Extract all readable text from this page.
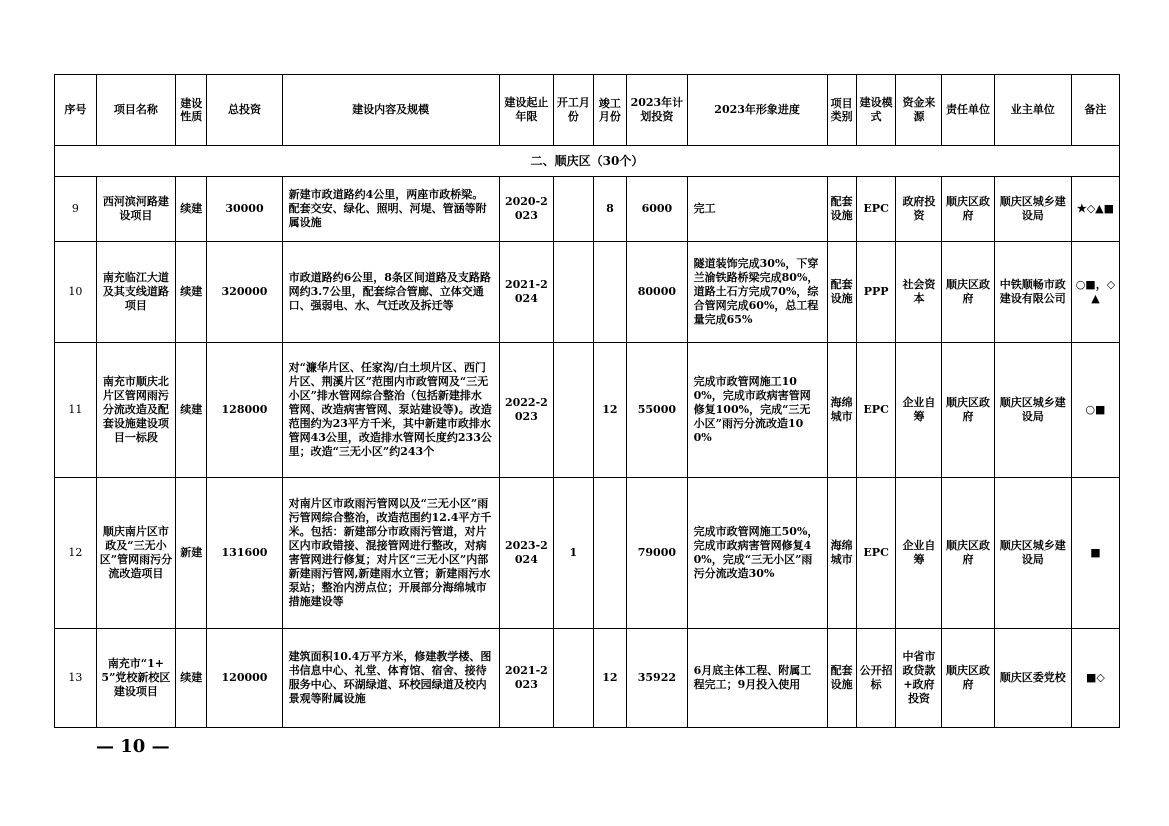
序号	项目名称	建设性质	总投资	建设内容及规模	建设起止年限	开工月份	竣工月份	2023年计划投资	2023年形象进度	项目类别	建设模式	资金来源	责任单位	业主单位	备注
二、顺庆区（30个）															
9	西河滨河路建设项目	续建	30000	新建市政道路约4公里，两座市政桥梁。配套交安、绿化、照明、河堤、管涵等附属设施	2020-2023		8	6000	完工	配套设施	EPC	政府投资	顺庆区政府	顺庆区城乡建设局	★◇▲■
10	南充临江大道及其支线道路项目	续建	320000	市政道路约6公里，8条区间道路及支路路网约3.7公里，配套综合管廊、立体交通口、强弱电、水、气迁改及拆迁等	2021-2024			80000	隧道装饰完成30%，下穿兰渝铁路桥梁完成80%，道路土石方完成70%，综合管网完成60%，总工程量完成65%	配套设施	PPP	社会资本	顺庆区政府	中铁顺畅市政建设有限公司	○■，◇▲
11	南充市顺庆北片区管网雨污分流改造及配套设施建设项目一标段	续建	128000	对“濂华片区、任家沟/白土坝片区、西门片区、荆溪片区”范围内市政管网及“三无小区”排水管网综合整治（包括新建排水管网、改造病害管网、泵站建设等)。改造范围约为23平方千米，其中新建市政排水管网43公里，改造排水管网长度约233公里；改造“三无小区”约243个	2022-2023		12	55000	完成市政管网施工100%，完成市政病害管网修复100%，完成“三无小区”雨污分流改造100%	海绵城市	EPC	企业自筹	顺庆区政府	顺庆区城乡建设局	○■
12	顺庆南片区市政及“三无小区”管网雨污分流改造项目	新建	131600	对南片区市政雨污管网以及“三无小区”雨污管网综合整治，改造范围约12.4平方千米。包括：新建部分市政雨污管道，对片区内市政错接、混接管网进行整改，对病害管网进行修复；对片区“三无小区”内部新建雨污管网,新建雨水立管；新建雨污水泵站；整治内涝点位；开展部分海绵城市措施建设等	2023-2024	1		79000	完成市政管网施工50%，完成市政病害管网修复40%，完成“三无小区”雨污分流改造30%	海绵城市	EPC	企业自筹	顺庆区政府	顺庆区城乡建设局	■
13	南充市“1+5”党校新校区建设项目	续建	120000	建筑面积10.4万平方米，修建教学楼、图书信息中心、礼堂、体育馆、宿舍、接待服务中心、环湖绿道、环校园绿道及校内景观等附属设施	2021-2023		12	35922	6月底主体工程、附属工程完工；9月投入使用	配套设施	公开招标	中省市政贷款+政府投资	顺庆区政府	顺庆区委党校	■◇
— 10 —
